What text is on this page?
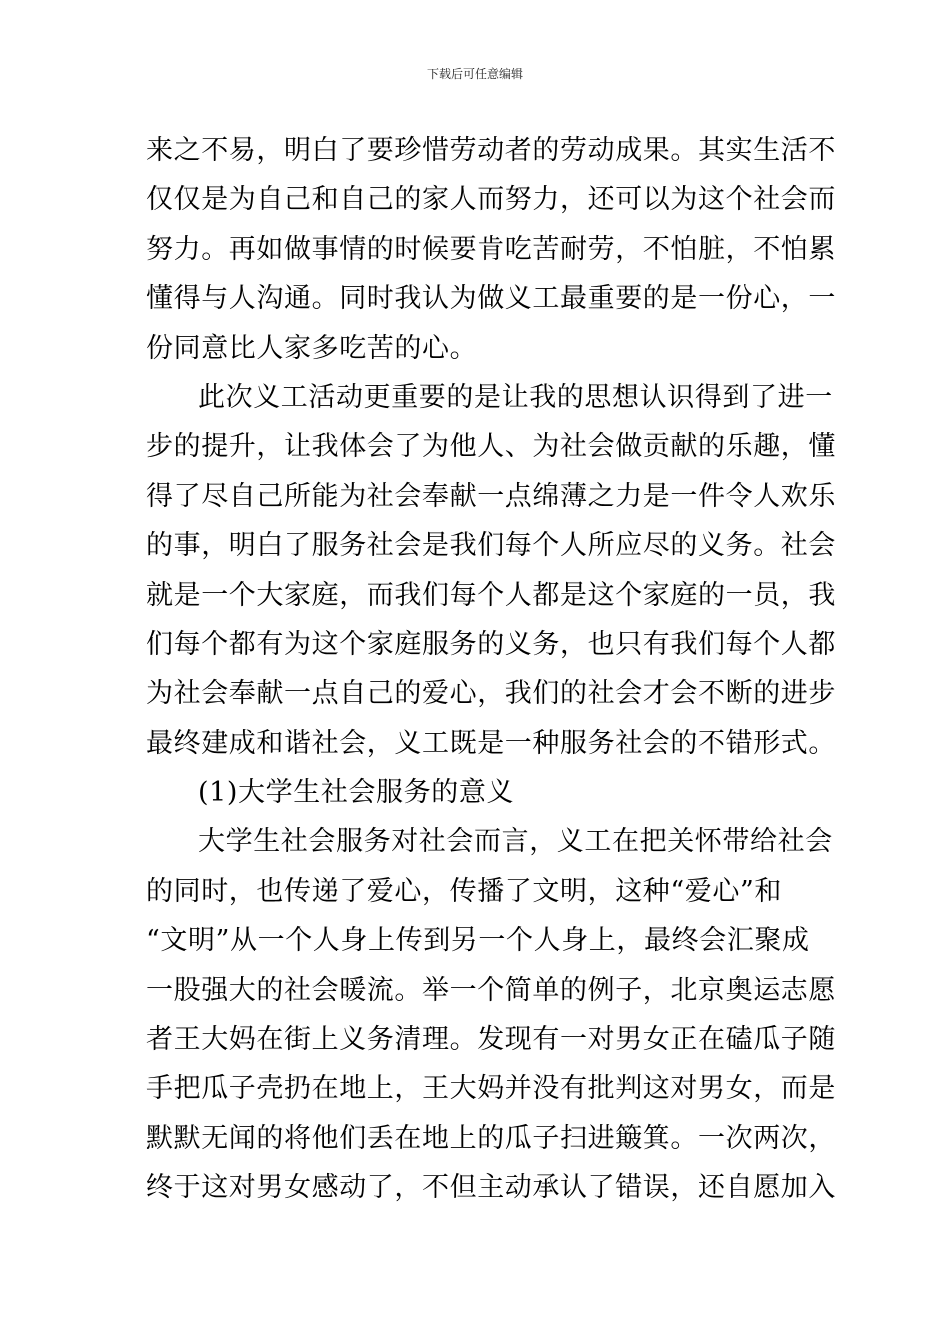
下载后可任意编辑
来之不易，明白了要珍惜劳动者的劳动成果。其实生活不
仅仅是为自己和自己的家人而努力，还可以为这个社会而
努力。再如做事情的时候要肯吃苦耐劳，不怕脏，不怕累
懂得与人沟通。同时我认为做义工最重要的是一份心，一
份同意比人家多吃苦的心。
此次义工活动更重要的是让我的思想认识得到了进一
步的提升，让我体会了为他人、为社会做贡献的乐趣，懂
得了尽自己所能为社会奉献一点绵薄之力是一件令人欢乐
的事，明白了服务社会是我们每个人所应尽的义务。社会
就是一个大家庭，而我们每个人都是这个家庭的一员，我
们每个都有为这个家庭服务的义务，也只有我们每个人都
为社会奉献一点自己的爱心，我们的社会才会不断的进步
最终建成和谐社会，义工既是一种服务社会的不错形式。
(1)大学生社会服务的意义
大学生社会服务对社会而言，义工在把关怀带给社会
的同时，也传递了爱心，传播了文明，这种“爱心”和
“文明”从一个人身上传到另一个人身上，最终会汇聚成
一股强大的社会暖流。举一个简单的例子，北京奥运志愿
者王大妈在街上义务清理。发现有一对男女正在磕瓜子随
手把瓜子壳扔在地上，王大妈并没有批判这对男女，而是
默默无闻的将他们丢在地上的瓜子扫进簸箕。一次两次，
终于这对男女感动了，不但主动承认了错误，还自愿加入
